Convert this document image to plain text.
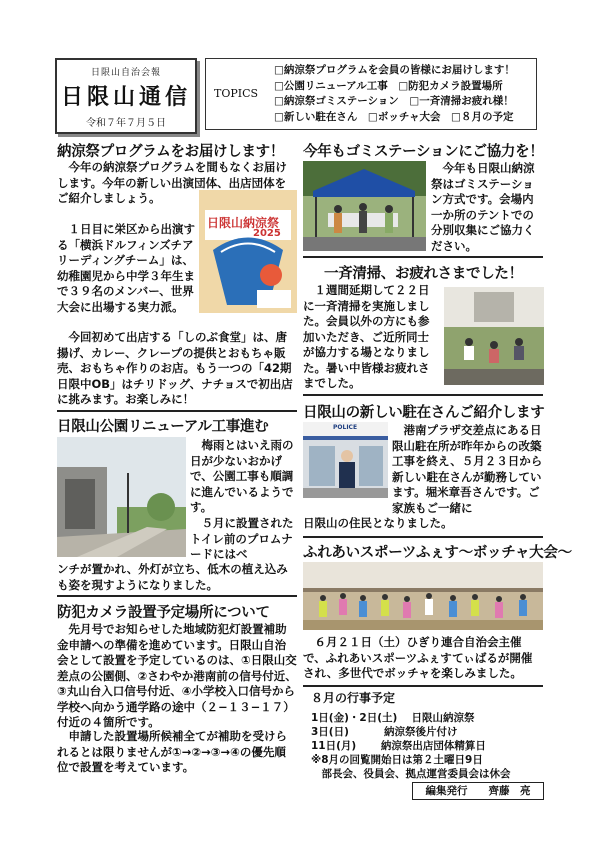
日限山自治会報
日限山通信
令和７年７月５日
TOPICS
□納涼祭プログラムを会員の皆様にお届けします！
□公園リニューアル工事　□防犯カメラ設置場所
□納涼祭ゴミステーション　□一斉清掃お疲れ様！
□新しい駐在さん　□ボッチャ大会　□８月の予定
納涼祭プログラムをお届けします！
　今年の納涼祭プログラムを間もなくお届けします。今年の新しい出演団体、出店団体をご紹介しましょう。
日限山納涼祭
2025
　１日目に栄区から出演する「横浜ドルフィンズチアリーディングチーム」は、幼稚園児から中学３年生まで３９名のメンバー、世界大会に出場する実力派。
　今回初めて出店する「しのぶ食堂」は、唐揚げ、カレー、クレープの提供とおもちゃ販売、おもちゃ作りのお店。もう一つの「42期日限中OB」はチリドッグ、ナチョスで初出店に挑みます。お楽しみに！
日限山公園リニューアル工事進む
　梅雨とはいえ雨の日が少ないおかげで、公園工事も順調に進んでいるようです。
　５月に設置されたトイレ前のプロムナードにはベ
ンチが置かれ、外灯が立ち、低木の植え込みも姿を現すようになりました。
防犯カメラ設置予定場所について
　先月号でお知らせした地域防犯灯設置補助金申請への準備を進めています。日限山自治会として設置を予定しているのは、①日限山交差点の公園側、②さわやか港南前の信号付近、③丸山台入口信号付近、④小学校入口信号から学校へ向かう通学路の途中（２−１３−１７）付近の４箇所です。
　申請した設置場所候補全てが補助を受けられるとは限りませんが①→②→③→④の優先順位で設置を考えています。
今年もゴミステーションにご協力を！
　今年も日限山納涼祭はゴミステーション方式です。会場内一か所のテントでの分別収集にご協力ください。
一斉清掃、お疲れさまでした！
　１週間延期して２２日に一斉清掃を実施しました。会員以外の方にも参加いただき、ご近所同士が協力する場となりました。暑い中皆様お疲れさまでした。
日限山の新しい駐在さんご紹介します
POLICE	　港南プラザ交差点にある日限山駐在所が昨年からの改築工事を終え、５月２３日から新しい駐在さんが勤務しています。堀米章吾さんです。ご家族もご一緒に
日限山の住民となりました。
ふれあいスポーツふぇす〜ボッチャ大会〜
　６月２１日（土）ひぎり連合自治会主催で、ふれあいスポーツふぇすてぃばるが開催され、多世代でボッチャを楽しみました。
８月の行事予定
1日(金)・2日(土)　 日限山納涼祭
3日(日)　　　 納涼祭後片付け
11日(月)　　 納涼祭出店団体精算日
※8月の回覧開始日は第２土曜日9日
　部長会、役員会、拠点運営委員会は休会
編集発行　　齊藤　亮
